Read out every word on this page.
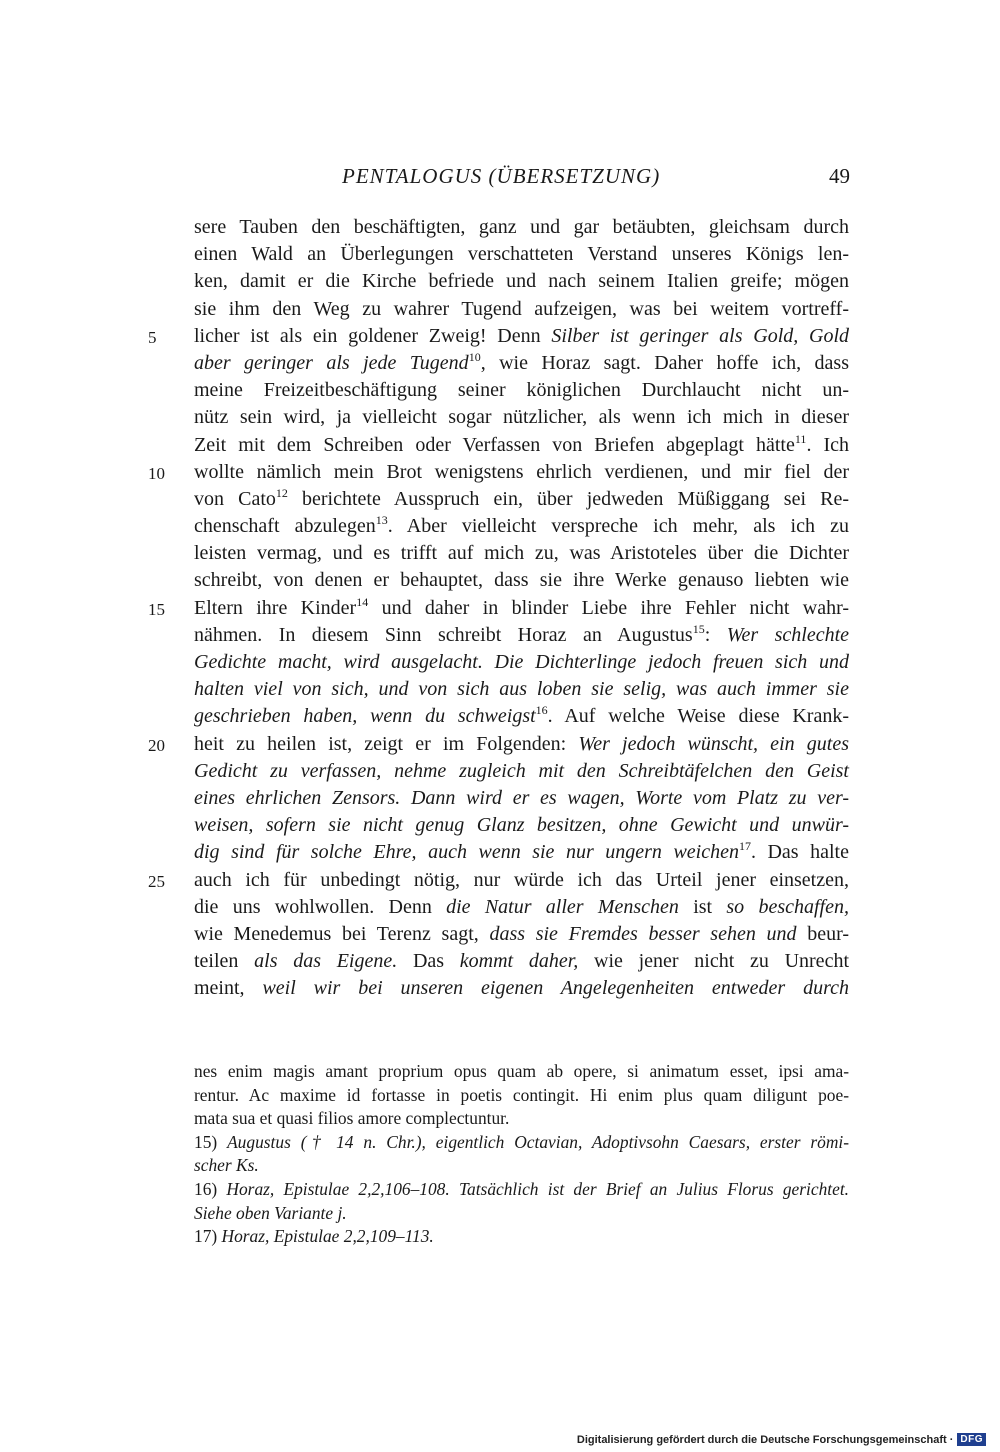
PENTALOGUS (ÜBERSETZUNG)	49
sere Tauben den beschäftigten, ganz und gar betäubten, gleichsam durch
einen Wald an Überlegungen verschatteten Verstand unseres Königs len-
ken, damit er die Kirche befriede und nach seinem Italien greife; mögen
sie ihm den Weg zu wahrer Tugend aufzeigen, was bei weitem vortreff-
5	licher ist als ein goldener Zweig! Denn Silber ist geringer als Gold, Gold
aber geringer als jede Tugend$^{10}$, wie Horaz sagt. Daher hoffe ich, dass
meine Freizeitbeschäftigung seiner königlichen Durchlaucht nicht un-
nütz sein wird, ja vielleicht sogar nützlicher, als wenn ich mich in dieser
Zeit mit dem Schreiben oder Verfassen von Briefen abgeplagt hätte$^{11}$. Ich
10	wollte nämlich mein Brot wenigstens ehrlich verdienen, und mir fiel der
von Cato$^{12}$ berichtete Ausspruch ein, über jedweden Müßiggang sei Re-
chenschaft abzulegen$^{13}$. Aber vielleicht verspreche ich mehr, als ich zu
leisten vermag, und es trifft auf mich zu, was Aristoteles über die Dichter
schreibt, von denen er behauptet, dass sie ihre Werke genauso liebten wie
15	Eltern ihre Kinder$^{14}$ und daher in blinder Liebe ihre Fehler nicht wahr-
nähmen. In diesem Sinn schreibt Horaz an Augustus$^{15}$: Wer schlechte
Gedichte macht, wird ausgelacht. Die Dichterlinge jedoch freuen sich und
halten viel von sich, und von sich aus loben sie selig, was auch immer sie
geschrieben haben, wenn du schweigst$^{16}$. Auf welche Weise diese Krank-
20	heit zu heilen ist, zeigt er im Folgenden: Wer jedoch wünscht, ein gutes
Gedicht zu verfassen, nehme zugleich mit den Schreibtäfelchen den Geist
eines ehrlichen Zensors. Dann wird er es wagen, Worte vom Platz zu ver-
weisen, sofern sie nicht genug Glanz besitzen, ohne Gewicht und unwür-
dig sind für solche Ehre, auch wenn sie nur ungern weichen$^{17}$. Das halte
25	auch ich für unbedingt nötig, nur würde ich das Urteil jener einsetzen,
die uns wohlwollen. Denn die Natur aller Menschen ist so beschaffen,
wie Menedemus bei Terenz sagt, dass sie Fremdes besser sehen und beur-
teilen als das Eigene. Das kommt daher, wie jener nicht zu Unrecht
meint, weil wir bei unseren eigenen Angelegenheiten entweder durch
nes enim magis amant proprium opus quam ab opere, si animatum esset, ipsi ama-
rentur. Ac maxime id fortasse in poetis contingit. Hi enim plus quam diligunt poe-
mata sua et quasi filios amore complectuntur.
15) Augustus († 14 n. Chr.), eigentlich Octavian, Adoptivsohn Caesars, erster römi-
scher Ks.
16) Horaz, Epistulae 2,2,106–108. Tatsächlich ist der Brief an Julius Florus gerichtet.
Siehe oben Variante j.
17) Horaz, Epistulae 2,2,109–113.
Digitalisierung gefördert durch die Deutsche Forschungsgemeinschaft · DFG
